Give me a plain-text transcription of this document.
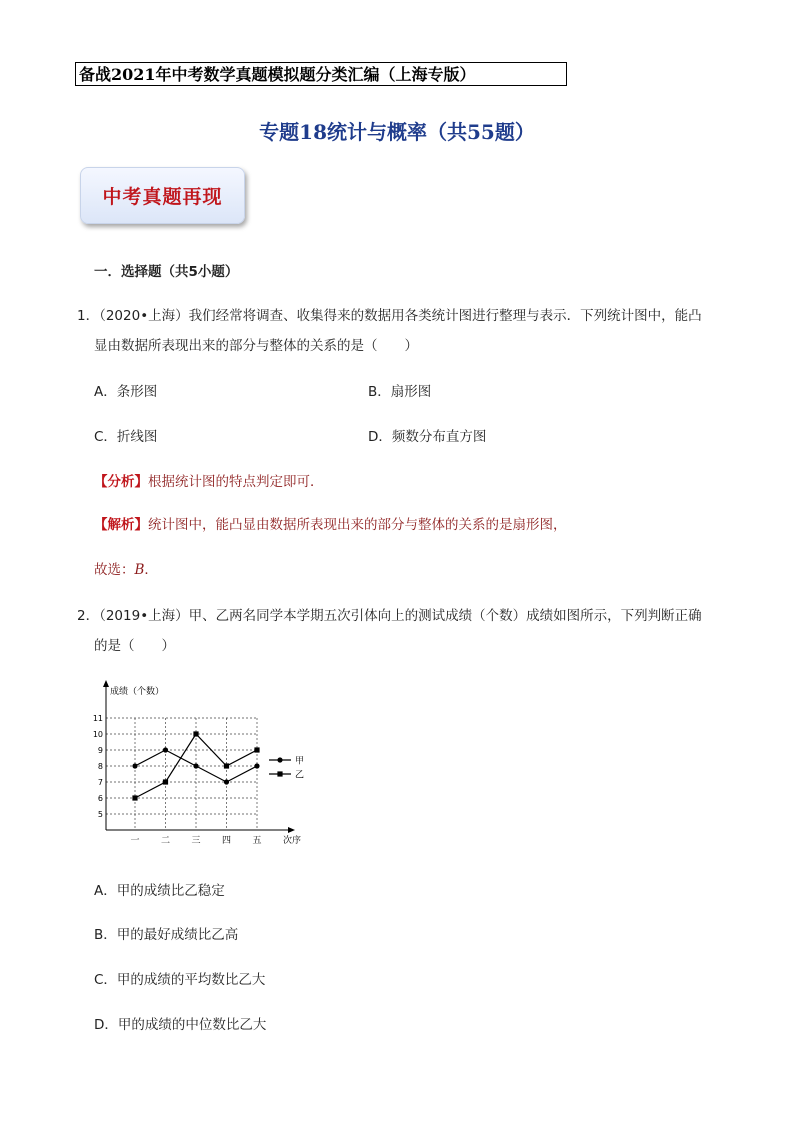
备战2021年中考数学真题模拟题分类汇编（上海专版）
专题18统计与概率（共55题）
中考真题再现
一．选择题（共5小题）
1．（2020•上海）我们经常将调查、收集得来的数据用各类统计图进行整理与表示．下列统计图中，能凸
显由数据所表现出来的部分与整体的关系的是（　　）
A．条形图	B．扇形图
C．折线图	D．频数分布直方图
【分析】根据统计图的特点判定即可．
【解析】统计图中，能凸显由数据所表现出来的部分与整体的关系的是扇形图，
故选：B．
2．（2019•上海）甲、乙两名同学本学期五次引体向上的测试成绩（个数）成绩如图所示，下列判断正确
的是（　　）
5
6
7
8
9
10
11
一 二 三 四 五
成绩（个数）
次序
甲
乙
A．甲的成绩比乙稳定
B．甲的最好成绩比乙高
C．甲的成绩的平均数比乙大
D．甲的成绩的中位数比乙大
